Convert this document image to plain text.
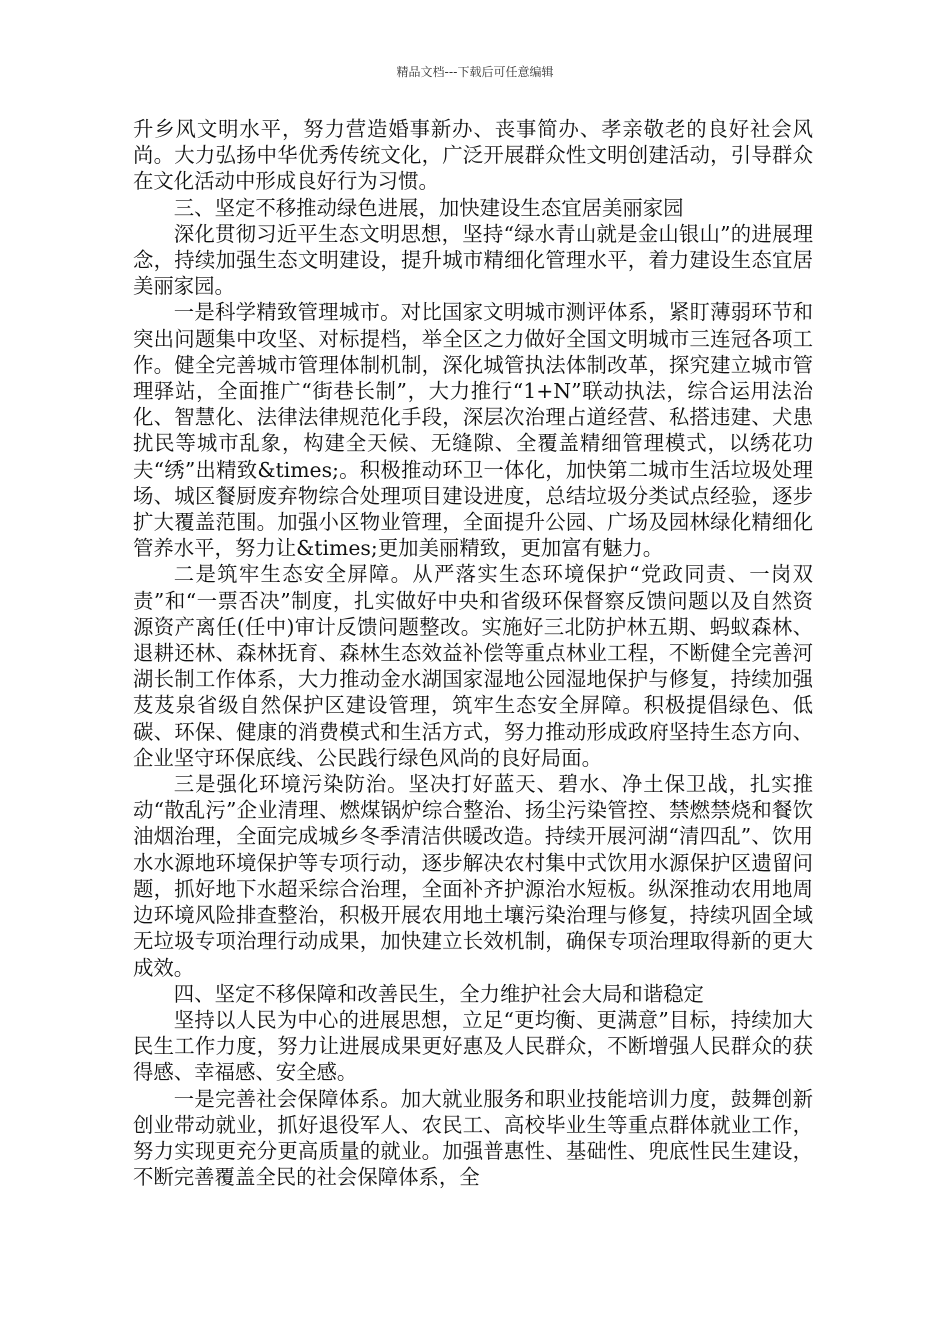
精品文档---下载后可任意编辑

升乡风文明水平，努力营造婚事新办、丧事简办、孝亲敬老的良好社会风尚。大力弘扬中华优秀传统文化，广泛开展群众性文明创建活动，引导群众在文化活动中形成良好行为习惯。

三、坚定不移推动绿色进展，加快建设生态宜居美丽家园

深化贯彻习近平生态文明思想，坚持“绿水青山就是金山银山”的进展理念，持续加强生态文明建设，提升城市精细化管理水平，着力建设生态宜居美丽家园。

一是科学精致管理城市。对比国家文明城市测评体系，紧盯薄弱环节和突出问题集中攻坚、对标提档，举全区之力做好全国文明城市三连冠各项工作。健全完善城市管理体制机制，深化城管执法体制改革，探究建立城市管理驿站，全面推广“街巷长制”，大力推行“1+N”联动执法，综合运用法治化、智慧化、法律法律规范化手段，深层次治理占道经营、私搭违建、犬患扰民等城市乱象，构建全天候、无缝隙、全覆盖精细管理模式，以绣花功夫“绣”出精致&times;。积极推动环卫一体化，加快第二城市生活垃圾处理场、城区餐厨废弃物综合处理项目建设进度，总结垃圾分类试点经验，逐步扩大覆盖范围。加强小区物业管理，全面提升公园、广场及园林绿化精细化管养水平，努力让&times;更加美丽精致，更加富有魅力。

二是筑牢生态安全屏障。从严落实生态环境保护“党政同责、一岗双责”和“一票否决”制度，扎实做好中央和省级环保督察反馈问题以及自然资源资产离任(任中)审计反馈问题整改。实施好三北防护林五期、蚂蚁森林、退耕还林、森林抚育、森林生态效益补偿等重点林业工程，不断健全完善河湖长制工作体系，大力推动金水湖国家湿地公园湿地保护与修复，持续加强芨芨泉省级自然保护区建设管理，筑牢生态安全屏障。积极提倡绿色、低碳、环保、健康的消费模式和生活方式，努力推动形成政府坚持生态方向、企业坚守环保底线、公民践行绿色风尚的良好局面。

三是强化环境污染防治。坚决打好蓝天、碧水、净土保卫战，扎实推动“散乱污”企业清理、燃煤锅炉综合整治、扬尘污染管控、禁燃禁烧和餐饮油烟治理，全面完成城乡冬季清洁供暖改造。持续开展河湖“清四乱”、饮用水水源地环境保护等专项行动，逐步解决农村集中式饮用水源保护区遗留问题，抓好地下水超采综合治理，全面补齐护源治水短板。纵深推动农用地周边环境风险排查整治，积极开展农用地土壤污染治理与修复，持续巩固全域无垃圾专项治理行动成果，加快建立长效机制，确保专项治理取得新的更大成效。

四、坚定不移保障和改善民生，全力维护社会大局和谐稳定

坚持以人民为中心的进展思想，立足“更均衡、更满意”目标，持续加大民生工作力度，努力让进展成果更好惠及人民群众，不断增强人民群众的获得感、幸福感、安全感。

一是完善社会保障体系。加大就业服务和职业技能培训力度，鼓舞创新创业带动就业，抓好退役军人、农民工、高校毕业生等重点群体就业工作，努力实现更充分更高质量的就业。加强普惠性、基础性、兜底性民生建设，不断完善覆盖全民的社会保障体系，全
